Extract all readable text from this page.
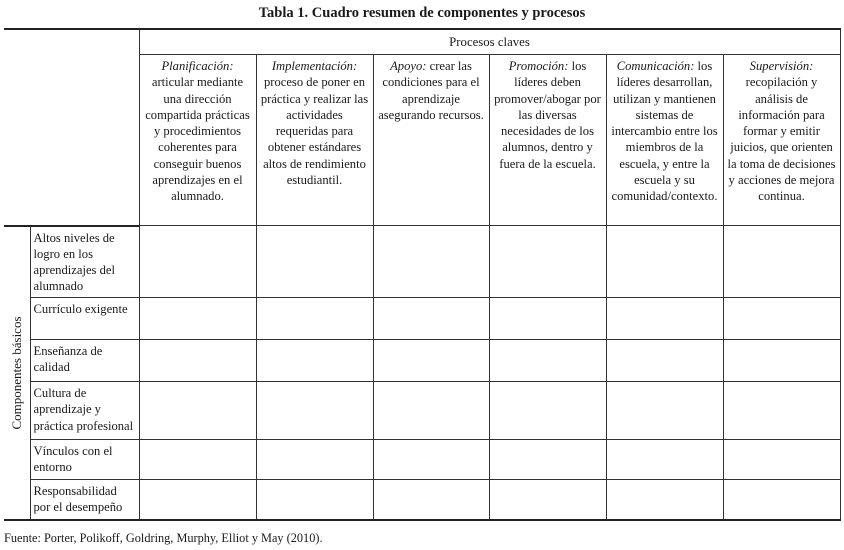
Tabla 1. Cuadro resumen de componentes y procesos
		Procesos claves					
		Planificación: articular mediante una dirección compartida prácticas y procedimientos coherentes para conseguir buenos aprendizajes en el alumnado.	Implementación: proceso de poner en práctica y realizar las actividades requeridas para obtener estándares altos de rendimiento estudiantil.	Apoyo: crear las condiciones para el aprendizaje asegurando recursos.	Promoción: los líderes deben promover/abogar por las diversas necesidades de los alumnos, dentro y fuera de la escuela.	Comunicación: los líderes desarrollan, utilizan y mantienen sistemas de intercambio entre los miembros de la escuela, y entre la escuela y su comunidad/contexto.	Supervisión: recopilación y análisis de información para formar y emitir juicios, que orienten la toma de decisiones y acciones de mejora continua.

Componentes básicos	Altos niveles de logro en los aprendizajes del alumnado						
	Currículo exigente						
	Enseñanza de calidad						
	Cultura de aprendizaje y práctica profesional						
	Vínculos con el entorno						
	Responsabilidad por el desempeño						
Fuente: Porter, Polikoff, Goldring, Murphy, Elliot y May (2010).
